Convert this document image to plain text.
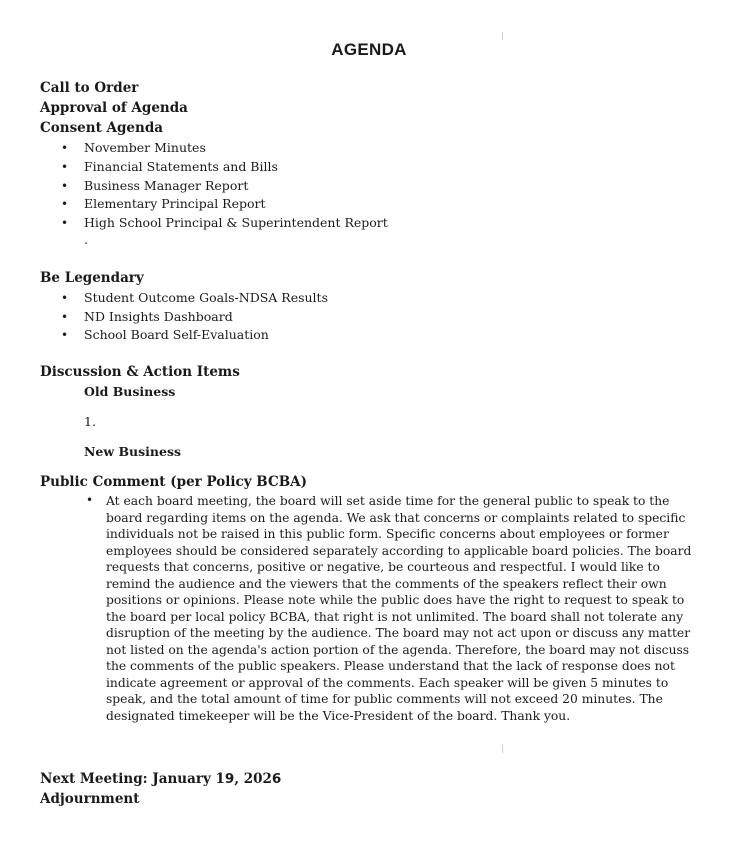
AGENDA
Call to Order
Approval of Agenda
Consent Agenda
• November Minutes
• Financial Statements and Bills
• Business Manager Report
• Elementary Principal Report
• High School Principal & Superintendent Report
.
Be Legendary
• Student Outcome Goals-NDSA Results
• ND Insights Dashboard
• School Board Self-Evaluation
Discussion & Action Items
Old Business
1.
New Business
Public Comment (per Policy BCBA)
• At each board meeting, the board will set aside time for the general public to speak to the board regarding items on the agenda. We ask that concerns or complaints related to specific individuals not be raised in this public form. Specific concerns about employees or former employees should be considered separately according to applicable board policies. The board requests that concerns, positive or negative, be courteous and respectful. I would like to remind the audience and the viewers that the comments of the speakers reflect their own positions or opinions. Please note while the public does have the right to request to speak to the board per local policy BCBA, that right is not unlimited. The board shall not tolerate any disruption of the meeting by the audience. The board may not act upon or discuss any matter not listed on the agenda's action portion of the agenda. Therefore, the board may not discuss the comments of the public speakers. Please understand that the lack of response does not indicate agreement or approval of the comments. Each speaker will be given 5 minutes to speak, and the total amount of time for public comments will not exceed 20 minutes. The designated timekeeper will be the Vice-President of the board. Thank you.
Next Meeting: January 19, 2026
Adjournment
